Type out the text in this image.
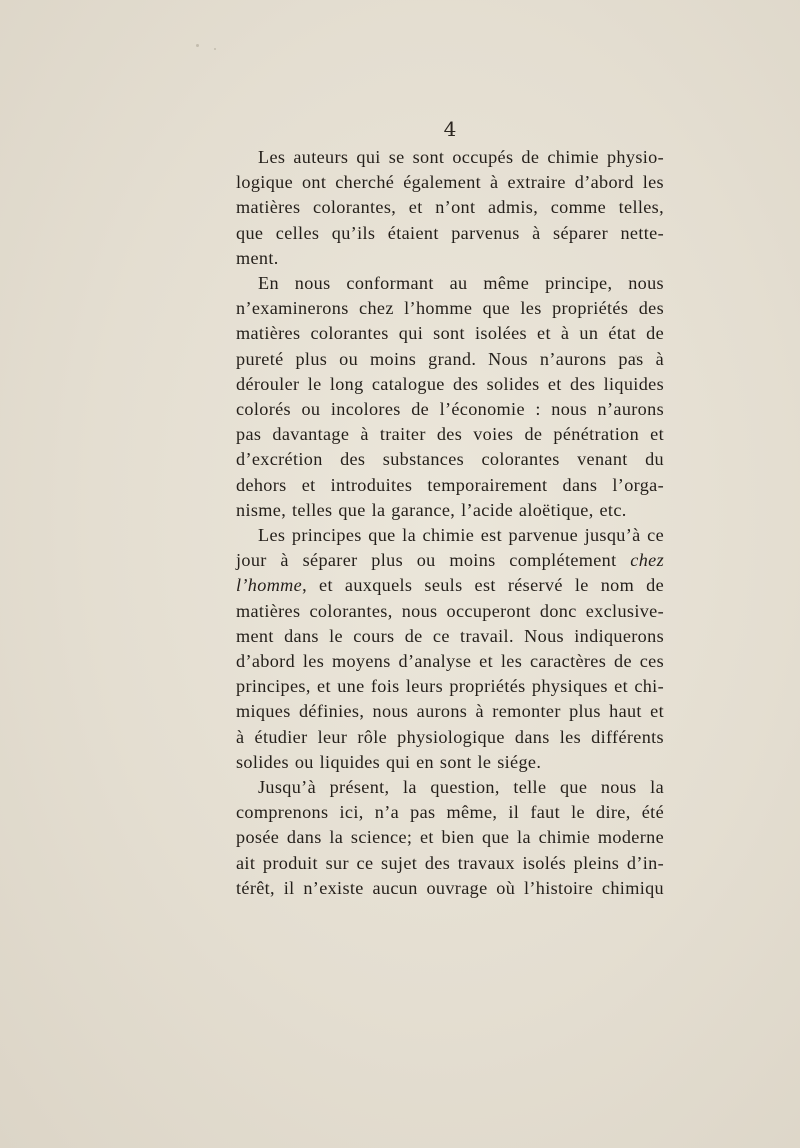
4

Les auteurs qui se sont occupés de chimie physio-
logique ont cherché également à extraire d’abord les
matières colorantes, et n’ont admis, comme telles,
que celles qu’ils étaient parvenus à séparer nette-
ment.

En nous conformant au même principe, nous
n’examinerons chez l’homme que les propriétés des
matières colorantes qui sont isolées et à un état de
pureté plus ou moins grand. Nous n’aurons pas à
dérouler le long catalogue des solides et des liquides
colorés ou incolores de l’économie : nous n’aurons
pas davantage à traiter des voies de pénétration et
d’excrétion des substances colorantes venant du
dehors et introduites temporairement dans l’orga-
nisme, telles que la garance, l’acide aloëtique, etc.

Les principes que la chimie est parvenue jusqu’à ce
jour à séparer plus ou moins complétement chez
l’homme, et auxquels seuls est réservé le nom de
matières colorantes, nous occuperont donc exclusive-
ment dans le cours de ce travail. Nous indiquerons
d’abord les moyens d’analyse et les caractères de ces
principes, et une fois leurs propriétés physiques et chi-
miques définies, nous aurons à remonter plus haut et
à étudier leur rôle physiologique dans les différents
solides ou liquides qui en sont le siége.

Jusqu’à présent, la question, telle que nous la
comprenons ici, n’a pas même, il faut le dire, été
posée dans la science; et bien que la chimie moderne
ait produit sur ce sujet des travaux isolés pleins d’in-
térêt, il n’existe aucun ouvrage où l’histoire chimiqu
